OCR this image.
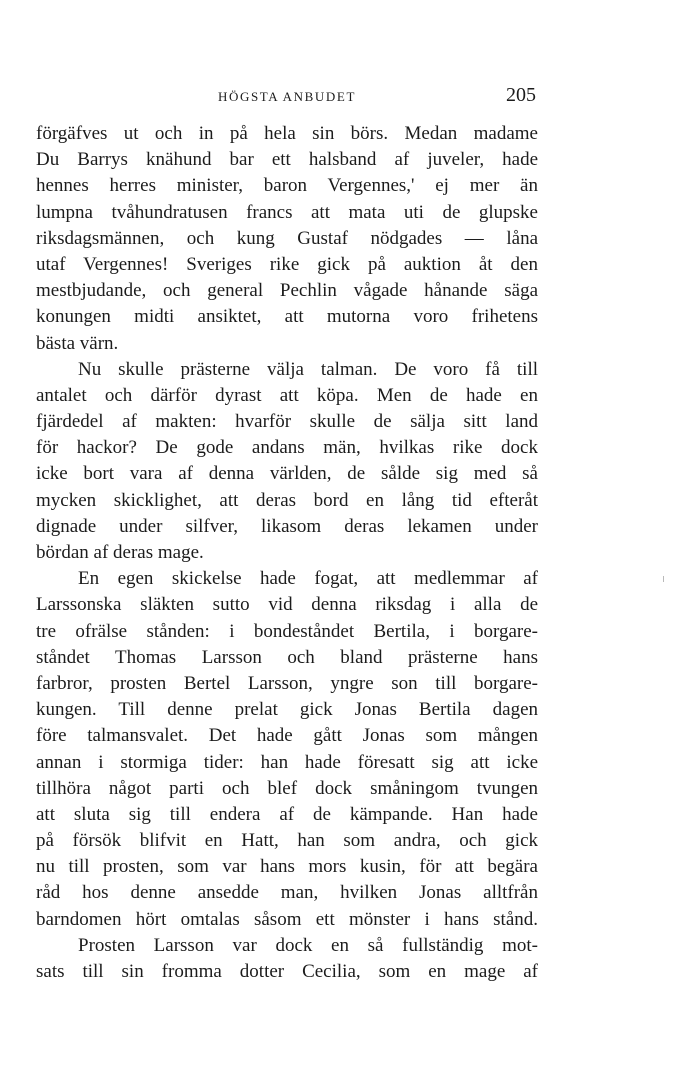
HÖGSTA ANBUDET	205
förgäfves ut och in på hela sin börs. Medan madame
Du Barrys knähund bar ett halsband af juveler, hade
hennes herres minister, baron Vergennes,' ej mer än
lumpna tvåhundratusen francs att mata uti de glupske
riksdagsmännen, och kung Gustaf nödgades — låna
utaf Vergennes! Sveriges rike gick på auktion åt den
mestbjudande, och general Pechlin vågade hånande säga
konungen midti ansiktet, att mutorna voro frihetens
bästa värn.
Nu skulle prästerne välja talman. De voro få till
antalet och därför dyrast att köpa. Men de hade en
fjärdedel af makten: hvarför skulle de sälja sitt land
för hackor? De gode andans män, hvilkas rike dock
icke bort vara af denna världen, de sålde sig med så
mycken skicklighet, att deras bord en lång tid efteråt
dignade under silfver, likasom deras lekamen under
bördan af deras mage.
En egen skickelse hade fogat, att medlemmar af
Larssonska släkten sutto vid denna riksdag i alla de
tre ofrälse stånden: i bondeståndet Bertila, i borgare-
ståndet Thomas Larsson och bland prästerne hans
farbror, prosten Bertel Larsson, yngre son till borgare-
kungen. Till denne prelat gick Jonas Bertila dagen
före talmansvalet. Det hade gått Jonas som mången
annan i stormiga tider: han hade föresatt sig att icke
tillhöra något parti och blef dock småningom tvungen
att sluta sig till endera af de kämpande. Han hade
på försök blifvit en Hatt, han som andra, och gick
nu till prosten, som var hans mors kusin, för att begära
råd hos denne ansedde man, hvilken Jonas alltfrån
barndomen hört omtalas såsom ett mönster i hans stånd.
Prosten Larsson var dock en så fullständig mot-
sats till sin fromma dotter Cecilia, som en mage af
